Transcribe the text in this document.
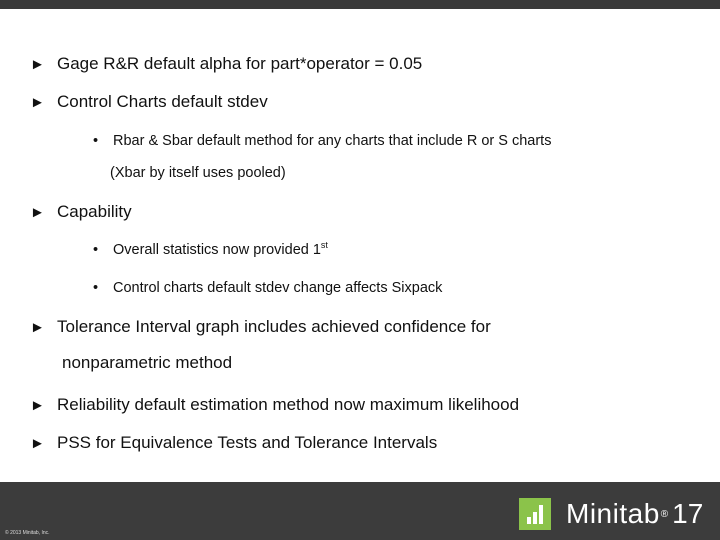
► Gage R&R default alpha for part*operator = 0.05
► Control Charts default stdev
• Rbar & Sbar default method for any charts that include R or S charts
(Xbar by itself uses pooled)
► Capability
• Overall statistics now provided 1st
• Control charts default stdev change affects Sixpack
► Tolerance Interval graph includes achieved confidence for
nonparametric method
► Reliability default estimation method now maximum likelihood
► PSS for Equivalence Tests and Tolerance Intervals
Minitab ® 17
© 2013 Minitab, Inc.
